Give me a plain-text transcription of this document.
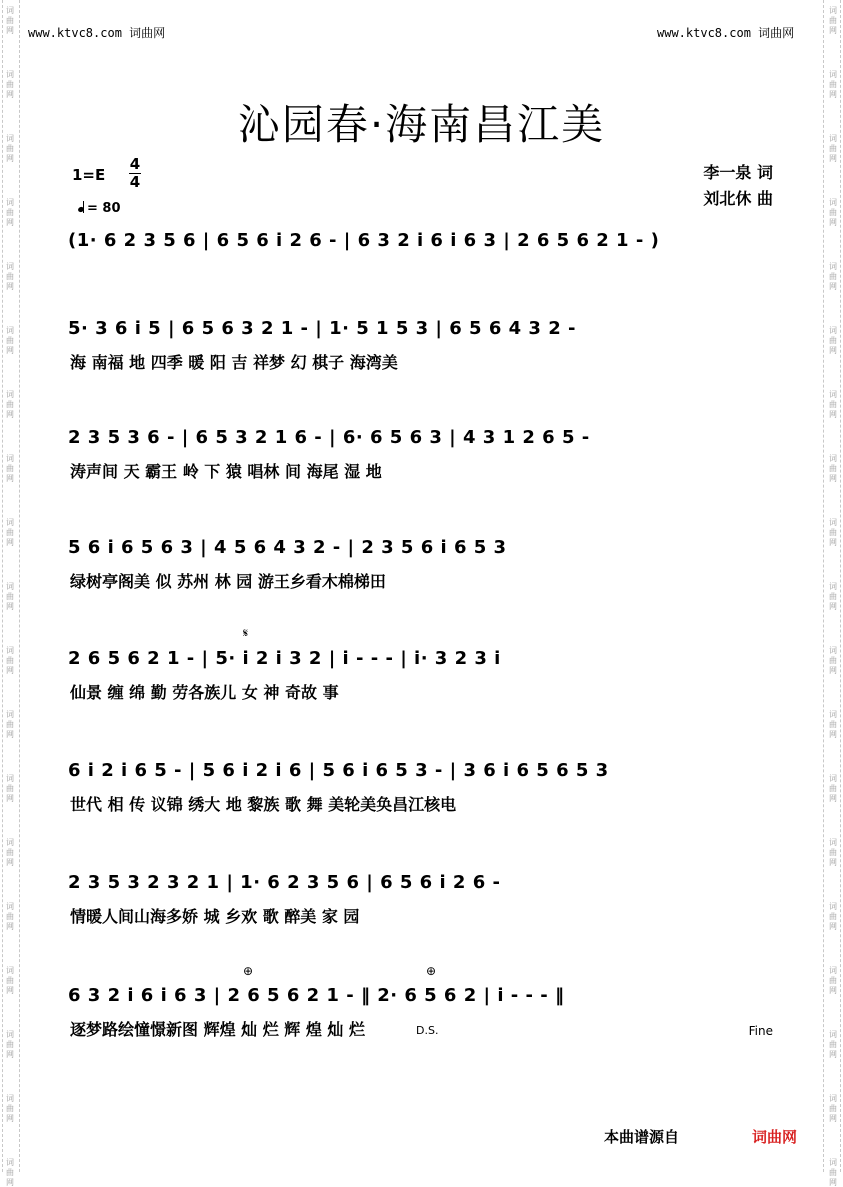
www.ktvc8.com 词曲网	www.ktvc8.com 词曲网
沁园春·海南昌江美
1=E
4
4
= 80
李一泉 词
刘北休 曲
(1· 6 2 3 5 6 | 6 5 6 i 2 6 - | 6 3 2 i 6 i 6 3 | 2 6 5 6 2 1 - )
5· 3 6 i 5 | 6 5 6 3 2 1 - | 1· 5 1 5 3 | 6 5 6 4 3 2 -
海 南福 地 四季 暖 阳 吉 祥梦 幻 棋子 海湾美
2 3 5 3 6 - | 6 5 3 2 1 6 - | 6· 6 5 6 3 | 4 3 1 2 6 5 -
涛声间 天 霸王 岭 下 猿 唱林 间 海尾 湿 地
5 6 i 6 5 6 3 | 4 5 6 4 3 2 - | 2 3 5 6 i 6 5 3
绿树亭阁美 似 苏州 林 园 游王乡看木棉梯田
𝄋
2 6 5 6 2 1 - | 5· i 2 i 3 2 | i - - - | i· 3 2 3 i
仙景 缠 绵 勤 劳各族儿 女 神 奇故 事
6 i 2 i 6 5 - | 5 6 i 2 i 6 | 5 6 i 6 5 3 - | 3 6 i 6 5 6 5 3
世代 相 传 议锦 绣大 地 黎族 歌 舞 美轮美奂昌江核电
2 3 5 3 2 3 2 1 | 1· 6 2 3 5 6 | 6 5 6 i 2 6 -
情暖人间山海多娇 城 乡欢 歌 醉美 家 园
⊕	⊕
6 3 2 i 6 i 6 3 | 2 6 5 6 2 1 - ‖ 2· 6 5 6 2 | i - - - ‖
逐梦路绘憧憬新图 辉煌 灿 烂 辉 煌 灿 烂	D.S.	Fine
本曲谱源自	词曲网
词
曲
网
词
曲
网
词
曲
网
词
曲
网
词
曲
网
词
曲
网
词
曲
网
词
曲
网
词
曲
网
词
曲
网
词
曲
网
词
曲
网
词
曲
网
词
曲
网
词
曲
网
词
曲
网
词
曲
网
词
曲
网
词
曲
网
词
曲
网
词
曲
网
词
曲
网
词
曲
网
词
曲
网
词
曲
网
词
曲
网
词
曲
网
词
曲
网
词
曲
网
词
曲
网
词
曲
网
词
曲
网
词
曲
网
词
曲
网
词
曲
网
词
曲
网
词
曲
网
词
曲
网
